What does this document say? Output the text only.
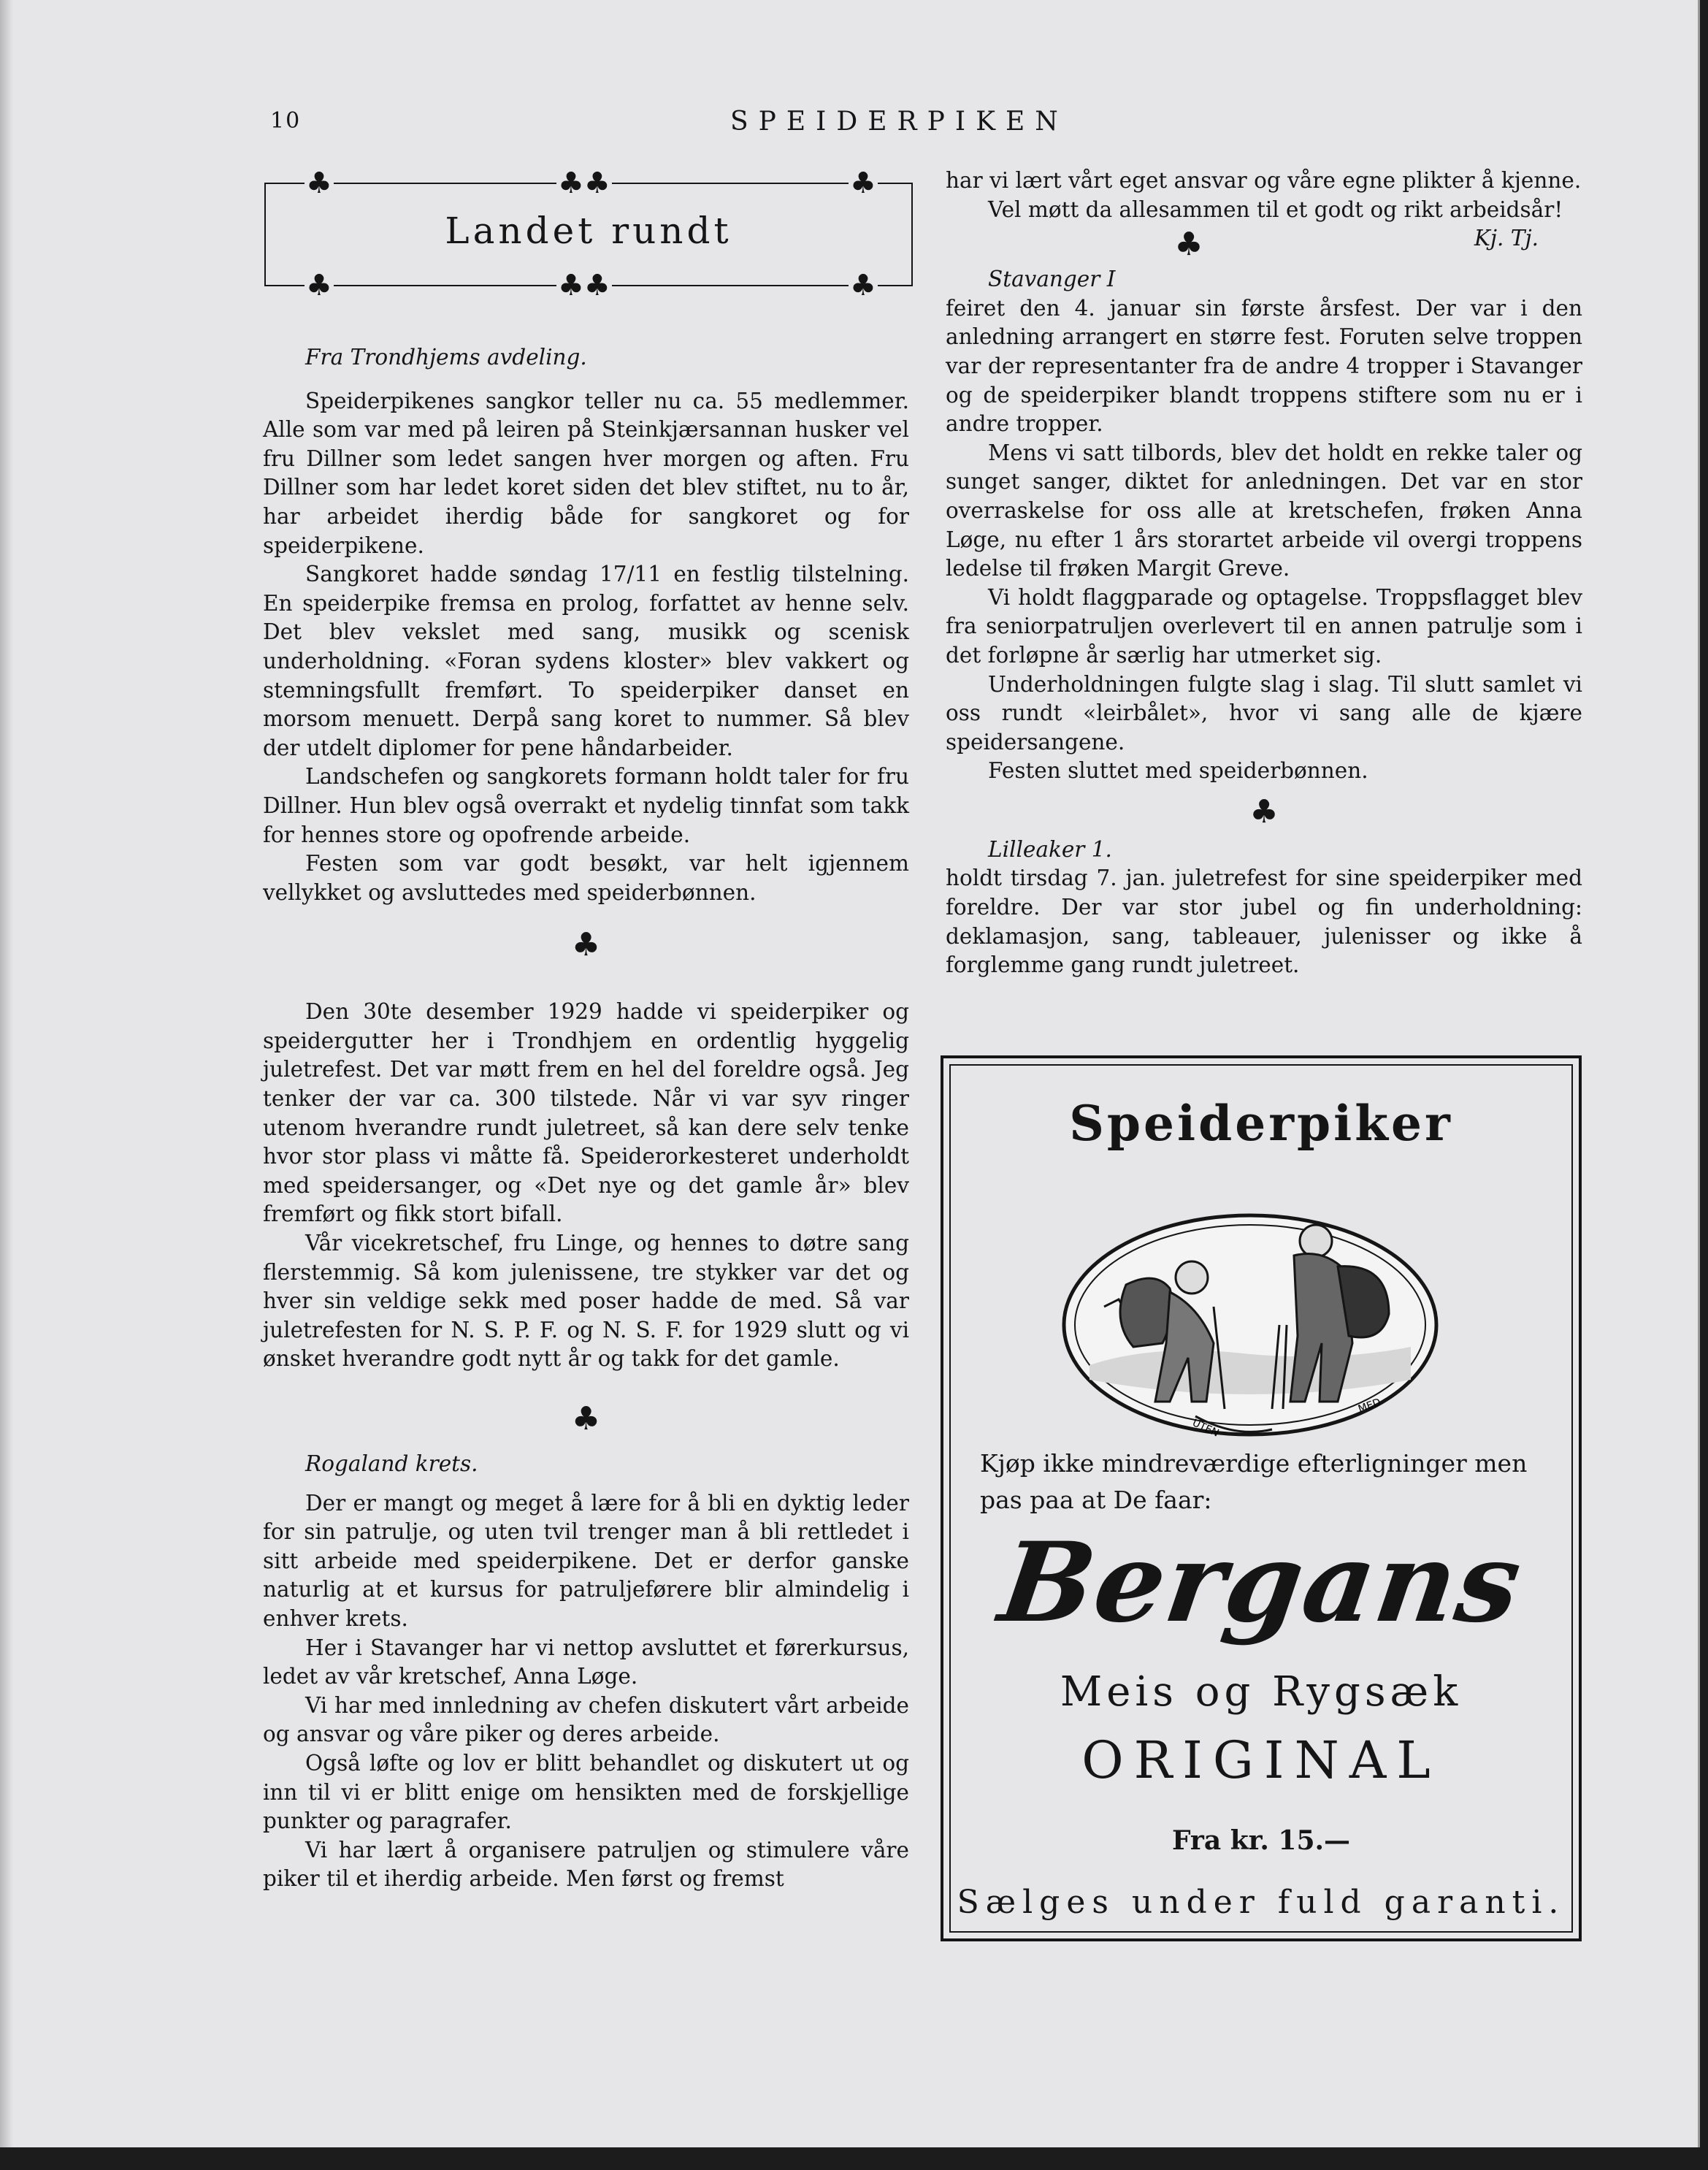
10	SPEIDERPIKEN
♣	♣♣	♣
♣	♣♣	♣
Landet rundt

Fra Trondhjems avdeling.

Speiderpikenes sangkor teller nu ca. 55 medlemmer. Alle som var med på leiren på Steinkjærsannan husker vel fru Dillner som ledet sangen hver morgen og aften. Fru Dillner som har ledet koret siden det blev stiftet, nu to år, har arbeidet iherdig både for sangkoret og for speiderpikene.

Sangkoret hadde søndag 17/11 en festlig tilstelning. En speiderpike fremsa en prolog, forfattet av henne selv. Det blev vekslet med sang, musikk og scenisk underholdning. «Foran sydens kloster» blev vakkert og stemningsfullt fremført. To speiderpiker danset en morsom menuett. Derpå sang koret to nummer. Så blev der utdelt diplomer for pene håndarbeider.

Landschefen og sangkorets formann holdt taler for fru Dillner. Hun blev også overrakt et nydelig tinnfat som takk for hennes store og opofrende arbeide.

Festen som var godt besøkt, var helt igjennem vellykket og avsluttedes med speiderbønnen.

♣

Den 30te desember 1929 hadde vi speiderpiker og speidergutter her i Trondhjem en ordentlig hyggelig juletrefest. Det var møtt frem en hel del foreldre også. Jeg tenker der var ca. 300 tilstede. Når vi var syv ringer utenom hverandre rundt juletreet, så kan dere selv tenke hvor stor plass vi måtte få. Speiderorkesteret underholdt med speidersanger, og «Det nye og det gamle år» blev fremført og fikk stort bifall.

Vår vicekretschef, fru Linge, og hennes to døtre sang flerstemmig. Så kom julenissene, tre stykker var det og hver sin veldige sekk med poser hadde de med. Så var juletrefesten for N. S. P. F. og N. S. F. for 1929 slutt og vi ønsket hverandre godt nytt år og takk for det gamle.

♣

Rogaland krets.

Der er mangt og meget å lære for å bli en dyktig leder for sin patrulje, og uten tvil trenger man å bli rettledet i sitt arbeide med speiderpikene. Det er derfor ganske naturlig at et kursus for patruljeførere blir almindelig i enhver krets.

Her i Stavanger har vi nettop avsluttet et førerkursus, ledet av vår kretschef, Anna Løge.

Vi har med innledning av chefen diskutert vårt arbeide og ansvar og våre piker og deres arbeide.

Også løfte og lov er blitt behandlet og diskutert ut og inn til vi er blitt enige om hensikten med de forskjellige punkter og paragrafer.

Vi har lært å organisere patruljen og stimulere våre piker til et iherdig arbeide. Men først og fremst

har vi lært vårt eget ansvar og våre egne plikter å kjenne.

Vel møtt da allesammen til et godt og rikt arbeidsår!
Kj. Tj.

♣

Stavanger I

feiret den 4. januar sin første årsfest. Der var i den anledning arrangert en større fest. Foruten selve troppen var der representanter fra de andre 4 tropper i Stavanger og de speiderpiker blandt troppens stiftere som nu er i andre tropper.

Mens vi satt tilbords, blev det holdt en rekke taler og sunget sanger, diktet for anledningen. Det var en stor overraskelse for oss alle at kretschefen, frøken Anna Løge, nu efter 1 års storartet arbeide vil overgi troppens ledelse til frøken Margit Greve.

Vi holdt flaggparade og optagelse. Troppsflagget blev fra seniorpatruljen overlevert til en annen patrulje som i det forløpne år særlig har utmerket sig.

Underholdningen fulgte slag i slag. Til slutt samlet vi oss rundt «leirbålet», hvor vi sang alle de kjære speidersangene.

Festen sluttet med speiderbønnen.

♣

Lilleaker 1.

holdt tirsdag 7. jan. juletrefest for sine speiderpiker med foreldre. Der var stor jubel og fin underholdning: deklamasjon, sang, tableauer, julenisser og ikke å forglemme gang rundt juletreet.

Speiderpiker
UTEN
MED
Kjøp ikke mindreværdige efterligninger men pas paa at De faar:
Bergans
Meis og Rygsæk
ORIGINAL
Fra kr. 15.—
Sælges under fuld garanti.
